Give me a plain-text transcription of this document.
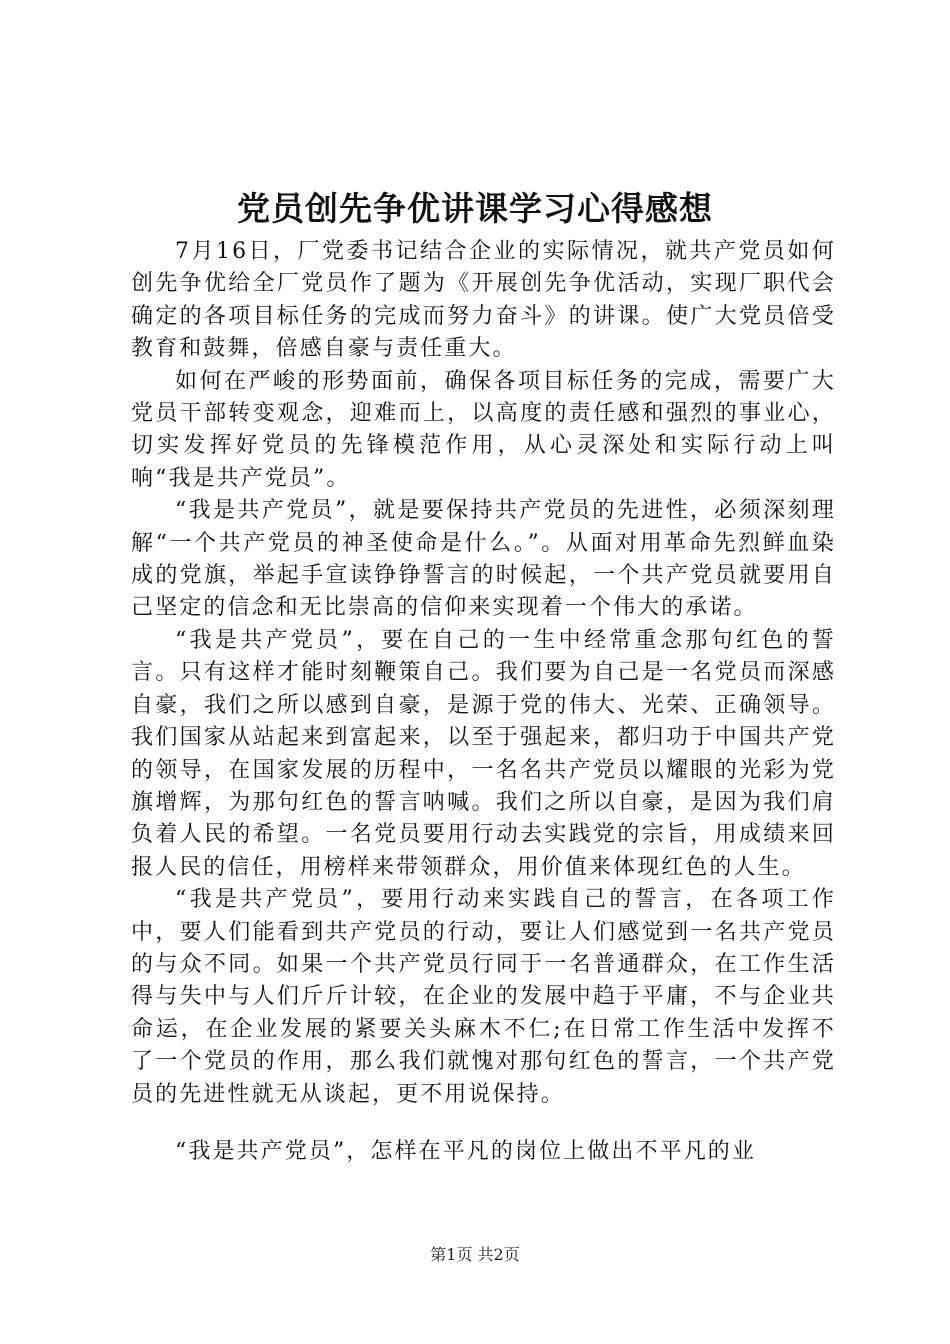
党员创先争优讲课学习心得感想

7月16日，厂党委书记结合企业的实际情况，就共产党员如何创先争优给全厂党员作了题为《开展创先争优活动，实现厂职代会确定的各项目标任务的完成而努力奋斗》的讲课。使广大党员倍受教育和鼓舞，倍感自豪与责任重大。

如何在严峻的形势面前，确保各项目标任务的完成，需要广大党员干部转变观念，迎难而上，以高度的责任感和强烈的事业心，切实发挥好党员的先锋模范作用，从心灵深处和实际行动上叫响“我是共产党员”。

“我是共产党员”，就是要保持共产党员的先进性，必须深刻理解“一个共产党员的神圣使命是什么。”。从面对用革命先烈鲜血染成的党旗，举起手宣读铮铮誓言的时候起，一个共产党员就要用自己坚定的信念和无比崇高的信仰来实现着一个伟大的承诺。

“我是共产党员”，要在自己的一生中经常重念那句红色的誓言。只有这样才能时刻鞭策自己。我们要为自己是一名党员而深感自豪，我们之所以感到自豪，是源于党的伟大、光荣、正确领导。我们国家从站起来到富起来，以至于强起来，都归功于中国共产党的领导，在国家发展的历程中，一名名共产党员以耀眼的光彩为党旗增辉，为那句红色的誓言呐喊。我们之所以自豪，是因为我们肩负着人民的希望。一名党员要用行动去实践党的宗旨，用成绩来回报人民的信任，用榜样来带领群众，用价值来体现红色的人生。

“我是共产党员”，要用行动来实践自己的誓言，在各项工作中，要人们能看到共产党员的行动，要让人们感觉到一名共产党员的与众不同。如果一个共产党员行同于一名普通群众，在工作生活得与失中与人们斤斤计较，在企业的发展中趋于平庸，不与企业共命运，在企业发展的紧要关头麻木不仁;在日常工作生活中发挥不了一个党员的作用，那么我们就愧对那句红色的誓言，一个共产党员的先进性就无从谈起，更不用说保持。

“我是共产党员”，怎样在平凡的岗位上做出不平凡的业

第1页 共2页
